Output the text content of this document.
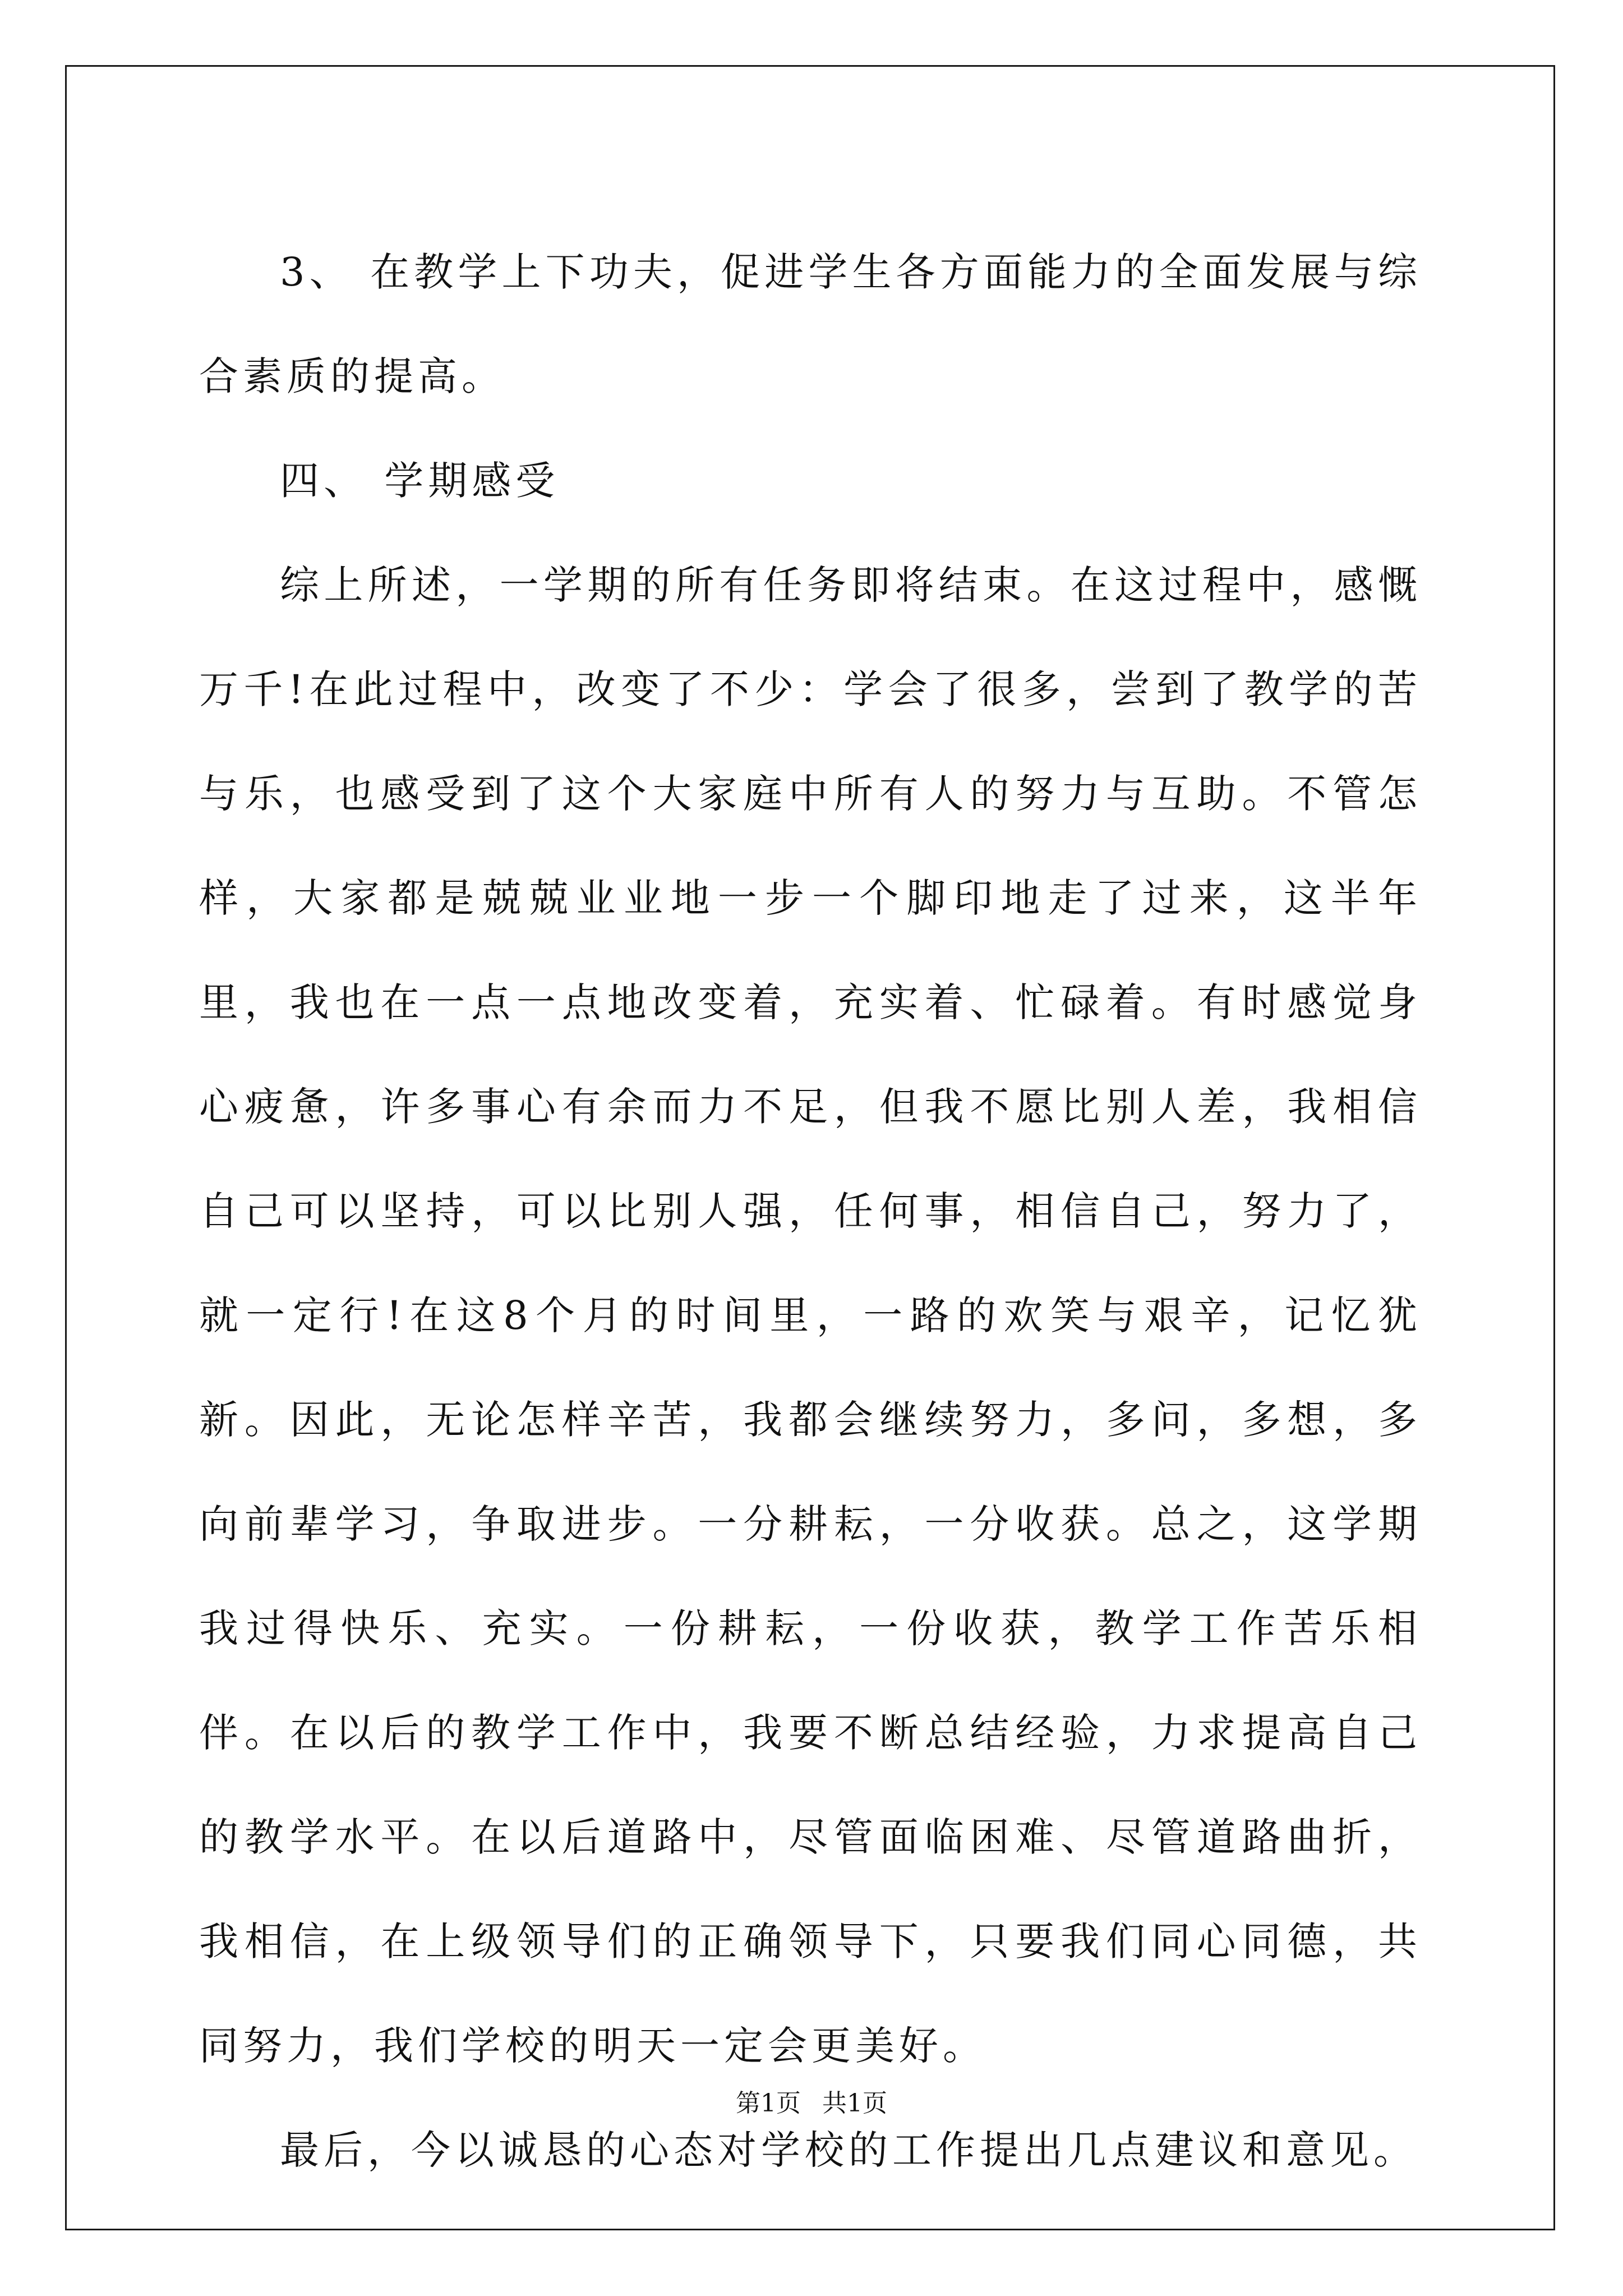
3、 在教学上下功夫，促进学生各方面能力的全面发展与综合素质的提高。

四、 学期感受

综上所述，一学期的所有任务即将结束。在这过程中，感慨万千!在此过程中，改变了不少：学会了很多，尝到了教学的苦与乐，也感受到了这个大家庭中所有人的努力与互助。不管怎样，大家都是兢兢业业地一步一个脚印地走了过来，这半年里，我也在一点一点地改变着，充实着、忙碌着。有时感觉身心疲惫，许多事心有余而力不足，但我不愿比别人差，我相信自己可以坚持，可以比别人强，任何事，相信自己，努力了，就一定行!在这8个月的时间里，一路的欢笑与艰辛，记忆犹新。因此，无论怎样辛苦，我都会继续努力，多问，多想，多向前辈学习，争取进步。一分耕耘，一分收获。总之，这学期我过得快乐、充实。一份耕耘，一份收获，教学工作苦乐相伴。在以后的教学工作中，我要不断总结经验，力求提高自己的教学水平。在以后道路中，尽管面临困难、尽管道路曲折，我相信，在上级领导们的正确领导下，只要我们同心同德，共同努力，我们学校的明天一定会更美好。

最后，今以诚恳的心态对学校的工作提出几点建议和意见。

第1页 共1页
